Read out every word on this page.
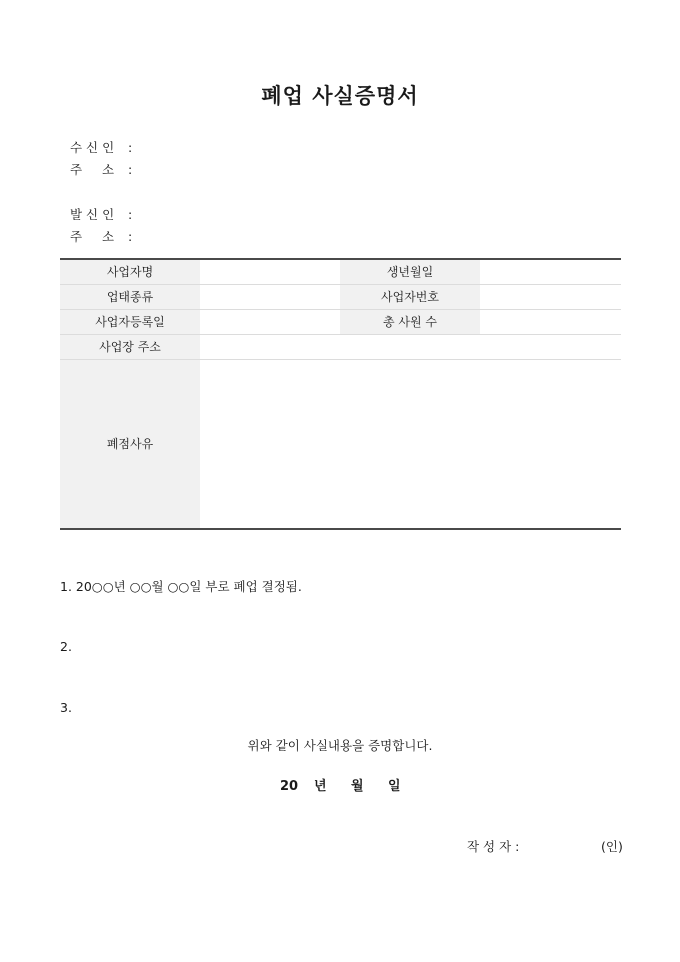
폐업 사실증명서
수 신 인 :
주     소 :
발 신 인 :
주     소 :
사업자명		생년월일	
업태종류		사업자번호	
사업자등록일		총 사원 수	
사업장 주소			
폐점사유			
1. 20○○년 ○○월 ○○일 부로 폐업 결정됨.
2.
3.
위와 같이 사실내용을 증명합니다.
20 년 월 일
작 성 자 :	(인)
